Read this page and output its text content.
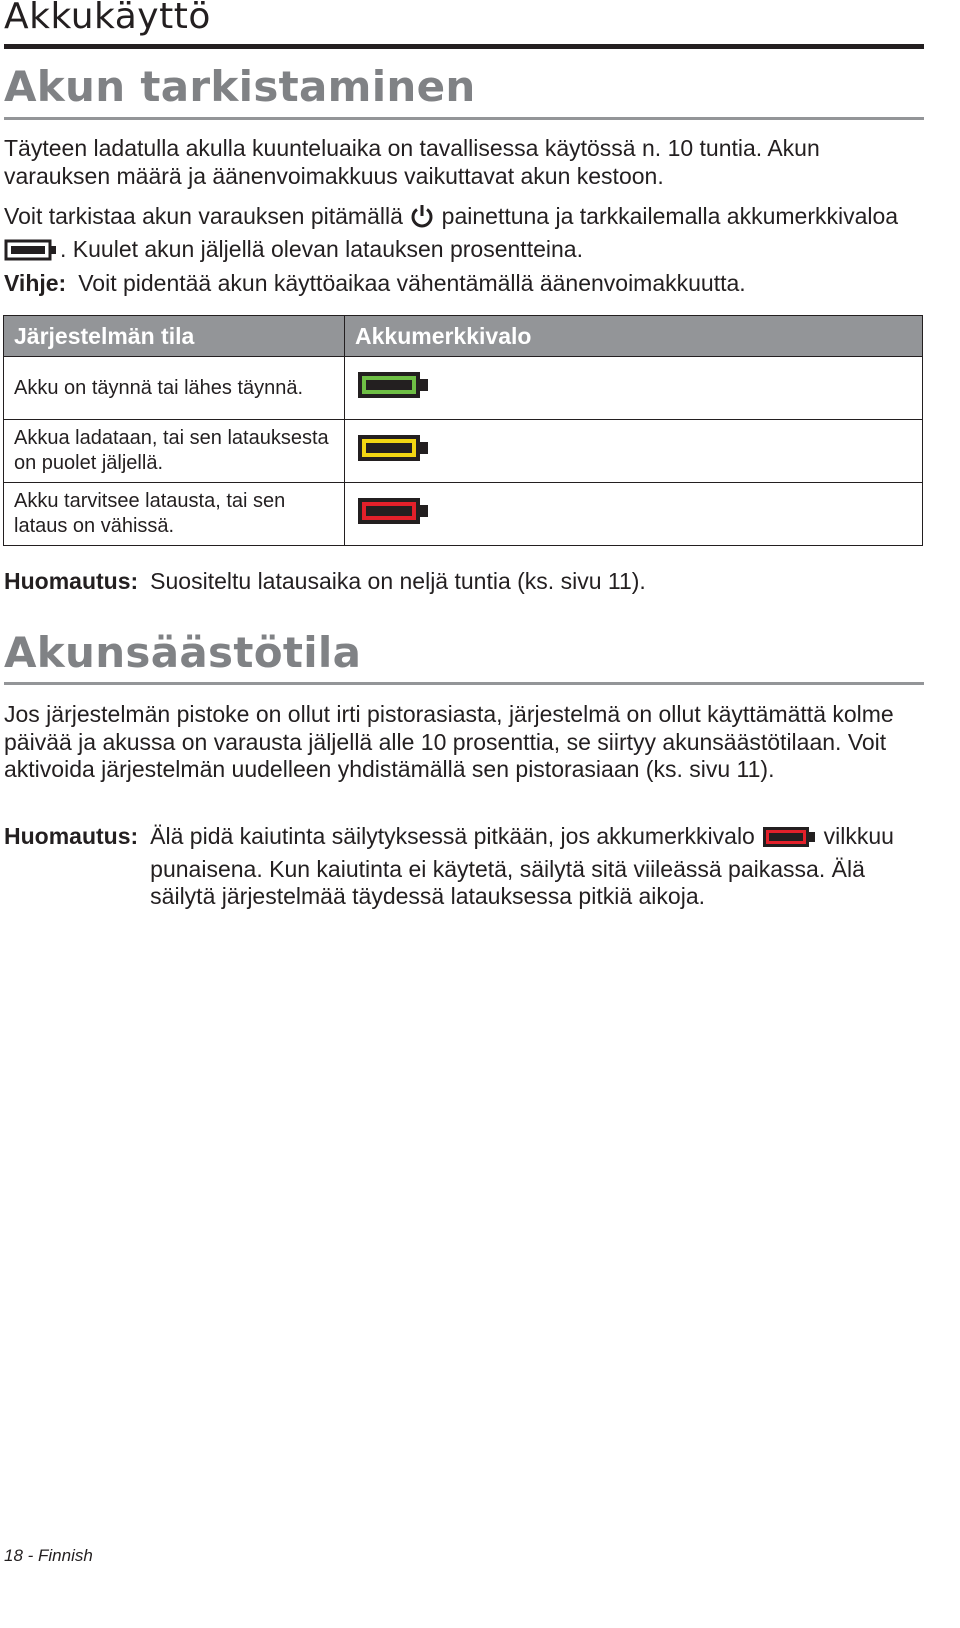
Akkukäyttö
Akun tarkistaminen

Täyteen ladatulla akulla kuunteluaika on tavallisessa käytössä n. 10 tuntia. Akun varauksen määrä ja äänenvoimakkuus vaikuttavat akun kestoon.

Voit tarkistaa akun varauksen pitämällä  painettuna ja tarkkailemalla akkumerkkivaloa . Kuulet akun jäljellä olevan latauksen prosentteina.

Vihje: Voit pidentää akun käyttöaikaa vähentämällä äänenvoimakkuutta.
Järjestelmän tila	Akkumerkkivalo
Akku on täynnä tai lähes täynnä.	
Akkua ladataan, tai sen latauksesta on puolet jäljellä.	
Akku tarvitsee latausta, tai sen lataus on vähissä.	
Huomautus: Suositeltu latausaika on neljä tuntia (ks. sivu 11).
Akunsäästötila

Jos järjestelmän pistoke on ollut irti pistorasiasta, järjestelmä on ollut käyttämättä kolme päivää ja akussa on varausta jäljellä alle 10 prosenttia, se siirtyy akunsäästötilaan. Voit aktivoida järjestelmän uudelleen yhdistämällä sen pistorasiaan (ks. sivu 11).

Huomautus: Älä pidä kaiutinta säilytyksessä pitkään, jos akkumerkkivalo  vilkkuu punaisena. Kun kaiutinta ei käytetä, säilytä sitä viileässä paikassa. Älä säilytä järjestelmää täydessä latauksessa pitkiä aikoja.
18 - Finnish
